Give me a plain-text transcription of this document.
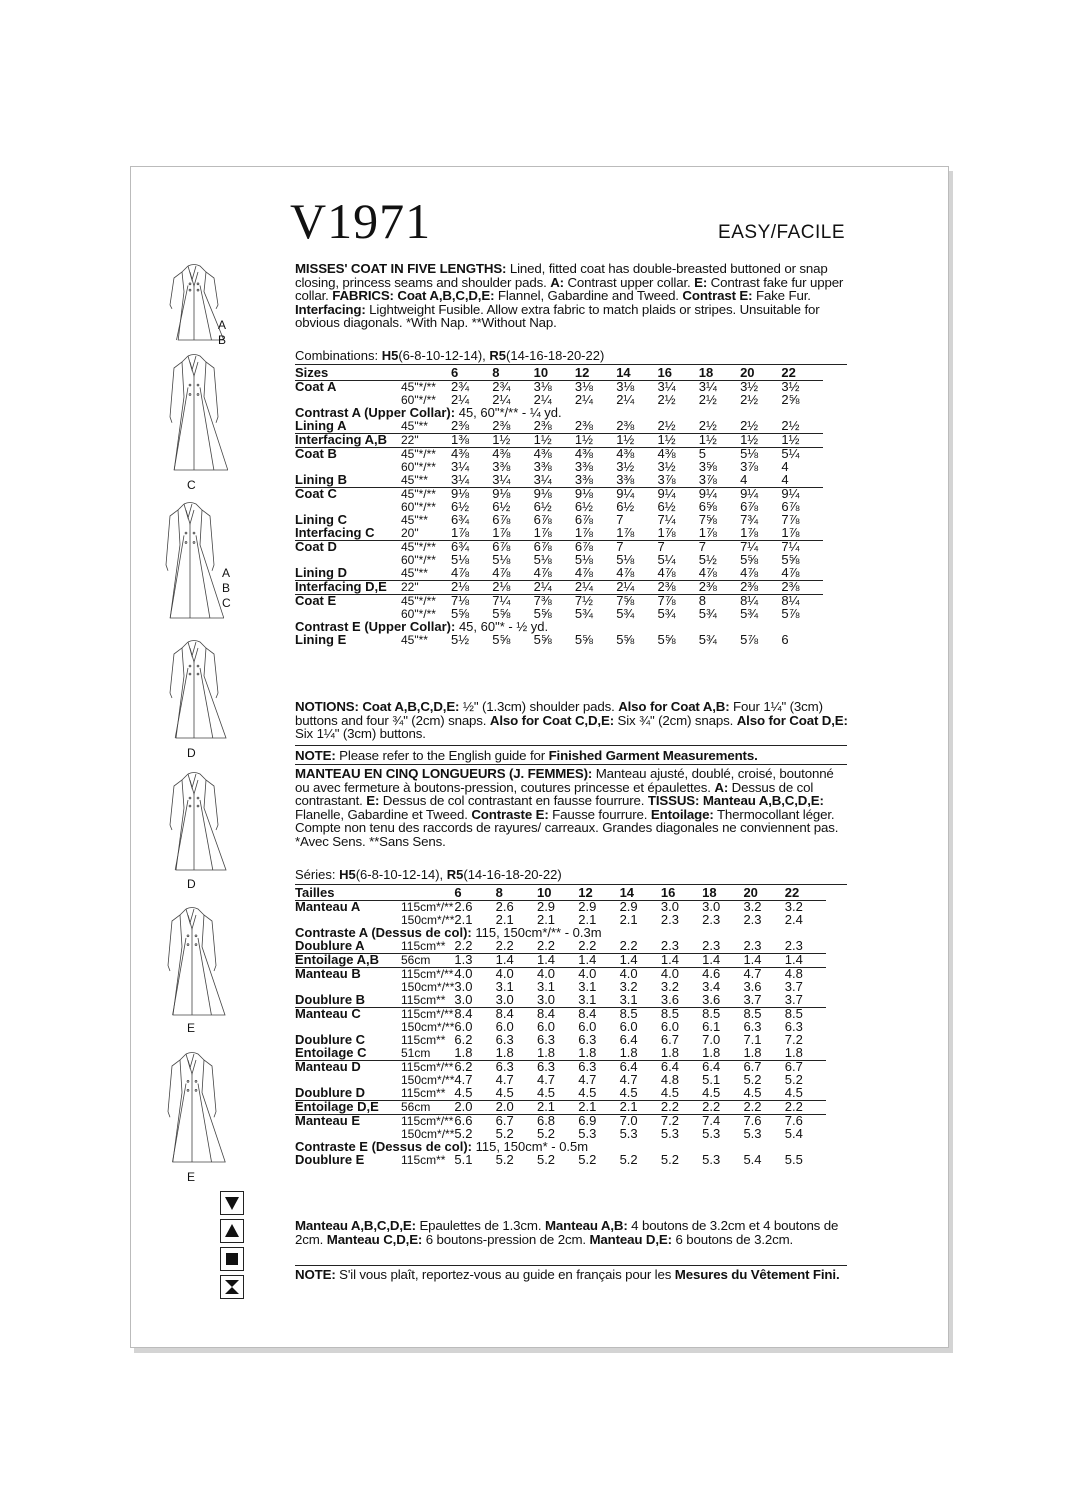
V1971	EASY/FACILE
MISSES' COAT IN FIVE LENGTHS: Lined, fitted coat has double-breasted buttoned or snap closing, princess seams and shoulder pads. A: Contrast upper collar. E: Contrast fake fur upper collar. FABRICS: Coat A,B,C,D,E: Flannel, Gabardine and Tweed. Contrast E: Fake Fur. Interfacing: Lightweight Fusible. Allow extra fabric to match plaids or stripes. Unsuitable for obvious diagonals. *With Nap. **Without Nap.
Combinations: H5(6-8-10-12-14), R5(14-16-18-20-22)
Sizes		6	8	10	12	14	16	18	20	22
Coat A	45"*/**	2¾	2¾	3⅛	3⅛	3⅛	3¼	3¼	3½	3½
	60"*/**	2¼	2¼	2¼	2¼	2¼	2½	2½	2½	2⅝
Contrast A (Upper Collar): 45, 60"*/** - ¼ yd.										
Lining A	45"**	2⅜	2⅜	2⅜	2⅜	2⅜	2½	2½	2½	2½
Interfacing A,B	22"	1⅜	1½	1½	1½	1½	1½	1½	1½	1½
Coat B	45"*/**	4⅜	4⅜	4⅜	4⅜	4⅜	4⅜	5	5⅛	5¼
	60"*/**	3¼	3⅜	3⅜	3⅜	3½	3½	3⅝	3⅞	4
Lining B	45"**	3¼	3¼	3¼	3⅜	3⅜	3⅞	3⅞	4	4
Coat C	45"*/**	9⅛	9⅛	9⅛	9⅛	9¼	9¼	9¼	9¼	9¼
	60"*/**	6½	6½	6½	6½	6½	6½	6⅝	6⅞	6⅞
Lining C	45"**	6¾	6⅞	6⅞	6⅞	7	7¼	7⅝	7¾	7⅞
Interfacing C	20"	1⅞	1⅞	1⅞	1⅞	1⅞	1⅞	1⅞	1⅞	1⅞
Coat D	45"*/**	6¾	6⅞	6⅞	6⅞	7	7	7	7¼	7¼
	60"*/**	5⅛	5⅛	5⅛	5⅛	5⅛	5¼	5½	5⅝	5⅝
Lining D	45"**	4⅞	4⅞	4⅞	4⅞	4⅞	4⅞	4⅞	4⅞	4⅞
Interfacing D,E	22"	2⅛	2⅛	2¼	2¼	2¼	2⅜	2⅜	2⅜	2⅜
Coat E	45"*/**	7⅛	7¼	7⅜	7½	7⅝	7⅞	8	8¼	8¼
	60"*/**	5⅝	5⅝	5⅝	5¾	5¾	5¾	5¾	5¾	5⅞
Contrast E (Upper Collar): 45, 60"* - ½ yd.										
Lining E	45"**	5½	5⅝	5⅝	5⅝	5⅝	5⅝	5¾	5⅞	6
NOTIONS: Coat A,B,C,D,E: ½" (1.3cm) shoulder pads. Also for Coat A,B: Four 1¼" (3cm) buttons and four ¾" (2cm) snaps. Also for Coat C,D,E: Six ¾" (2cm) snaps. Also for Coat D,E: Six 1¼" (3cm) buttons.
NOTE: Please refer to the English guide for Finished Garment Measurements.
MANTEAU EN CINQ LONGUEURS (J. FEMMES): Manteau ajusté, doublé, croisé, boutonné ou avec fermeture à boutons-pression, coutures princesse et épaulettes. A: Dessus de col contrastant. E: Dessus de col contrastant en fausse fourrure. TISSUS: Manteau A,B,C,D,E: Flanelle, Gabardine et Tweed. Contraste E: Fausse fourrure. Entoilage: Thermocollant léger. Compte non tenu des raccords de rayures/ carreaux. Grandes diagonales ne conviennent pas. *Avec Sens. **Sans Sens.
Séries: H5(6-8-10-12-14), R5(14-16-18-20-22)
Tailles		6	8	10	12	14	16	18	20	22
Manteau A	115cm*/**	2.6	2.6	2.9	2.9	2.9	3.0	3.0	3.2	3.2
	150cm*/**	2.1	2.1	2.1	2.1	2.1	2.3	2.3	2.3	2.4
Contraste A (Dessus de col): 115, 150cm*/** - 0.3m										
Doublure A	115cm**	2.2	2.2	2.2	2.2	2.2	2.3	2.3	2.3	2.3
Entoilage A,B	56cm	1.3	1.4	1.4	1.4	1.4	1.4	1.4	1.4	1.4
Manteau B	115cm*/**	4.0	4.0	4.0	4.0	4.0	4.0	4.6	4.7	4.8
	150cm*/**	3.0	3.1	3.1	3.1	3.2	3.2	3.4	3.6	3.7
Doublure B	115cm**	3.0	3.0	3.0	3.1	3.1	3.6	3.6	3.7	3.7
Manteau C	115cm*/**	8.4	8.4	8.4	8.4	8.5	8.5	8.5	8.5	8.5
	150cm*/**	6.0	6.0	6.0	6.0	6.0	6.0	6.1	6.3	6.3
Doublure C	115cm**	6.2	6.3	6.3	6.3	6.4	6.7	7.0	7.1	7.2
Entoilage C	51cm	1.8	1.8	1.8	1.8	1.8	1.8	1.8	1.8	1.8
Manteau D	115cm*/**	6.2	6.3	6.3	6.3	6.4	6.4	6.4	6.7	6.7
	150cm*/**	4.7	4.7	4.7	4.7	4.7	4.8	5.1	5.2	5.2
Doublure D	115cm**	4.5	4.5	4.5	4.5	4.5	4.5	4.5	4.5	4.5
Entoilage D,E	56cm	2.0	2.0	2.1	2.1	2.1	2.2	2.2	2.2	2.2
Manteau E	115cm*/**	6.6	6.7	6.8	6.9	7.0	7.2	7.4	7.6	7.6
	150cm*/**	5.2	5.2	5.2	5.3	5.3	5.3	5.3	5.3	5.4
Contraste E (Dessus de col): 115, 150cm* - 0.5m										
Doublure E	115cm**	5.1	5.2	5.2	5.2	5.2	5.2	5.3	5.4	5.5
Manteau A,B,C,D,E: Epaulettes de 1.3cm. Manteau A,B: 4 boutons de 3.2cm et 4 boutons de 2cm. Manteau C,D,E: 6 boutons-pression de 2cm. Manteau D,E: 6 boutons de 3.2cm.
NOTE: S'il vous plaît, reportez-vous au guide en français pour les Mesures du Vêtement Fini.
A
B
C
A
B
C
D
D
E
E
